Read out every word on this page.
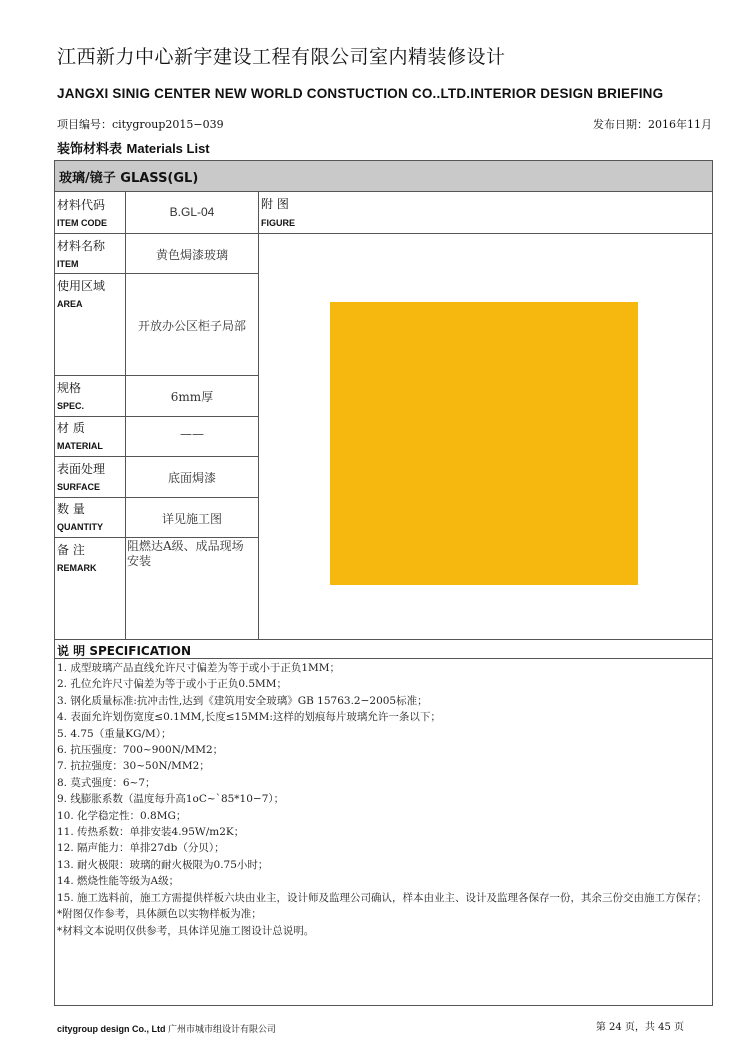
江西新力中心新宇建设工程有限公司室内精装修设计
JANGXI SINIG CENTER NEW WORLD CONSTUCTION CO..LTD.INTERIOR DESIGN BRIEFING
项目编号：citygroup2015−039	发布日期：2016年11月
装饰材料表 Materials List
玻璃/镜子 GLASS(GL)
材料代码
ITEM CODE
B.GL-04
附 图
FIGURE
材料名称
ITEM
黄色焗漆玻璃
使用区域
AREA
开放办公区柜子局部
规格
SPEC.
6mm厚
材 质
MATERIAL
——
表面处理
SURFACE
底面焗漆
数 量
QUANTITY
详见施工图
备 注
REMARK
阻燃达A级、成品现场
安装
说 明 SPECIFICATION
1. 成型玻璃产品直线允许尺寸偏差为等于或小于正负1MM；
2. 孔位允许尺寸偏差为等于或小于正负0.5MM；
3. 钢化质量标准:抗冲击性,达到《建筑用安全玻璃》GB 15763.2−2005标准；
4. 表面允许划伤宽度≤0.1MM,长度≤15MM:这样的划痕每片玻璃允许一条以下；
5. 4.75（重量KG/M）；
6. 抗压强度：700~900N/MM2；
7. 抗拉强度：30~50N/MM2；
8. 莫式强度：6~7；
9. 线膨胀系数（温度每升高1oC~`85*10−7）；
10. 化学稳定性：0.8MG；
11. 传热系数：单排安装4.95W/m2K；
12. 隔声能力：单排27db（分贝）；
13. 耐火极限：玻璃的耐火极限为0.75小时；
14. 燃烧性能等级为A级；
15. 施工选料前，施工方需提供样板六块由业主，设计师及监理公司确认，样本由业主、设计及监理各保存一份，其余三份交由施工方保存；
*附图仅作参考，具体颜色以实物样板为准；
*材料文本说明仅供参考，具体详见施工图设计总说明。
citygroup design Co., Ltd 广州市城市组设计有限公司	第 24 页，共 45 页
